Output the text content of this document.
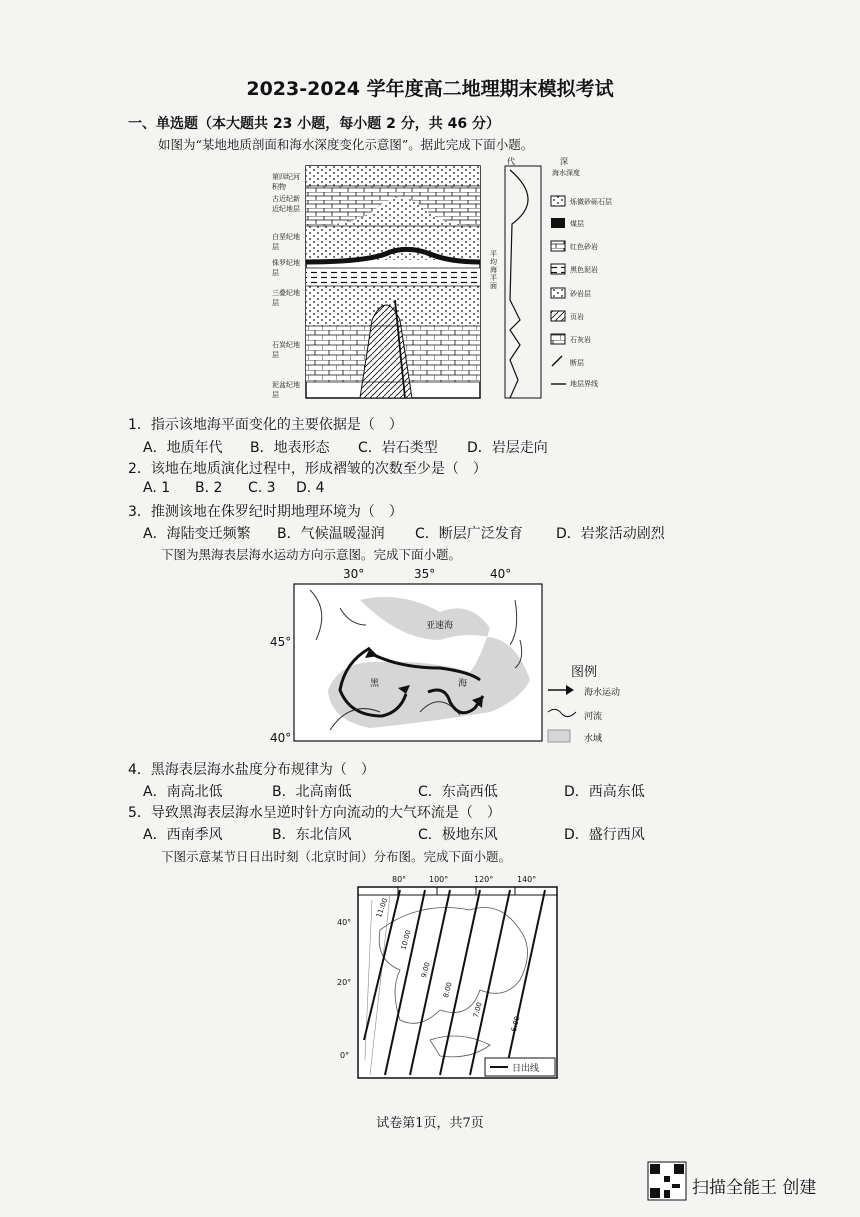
2023-2024 学年度高二地理期末模拟考试
一、单选题（本大题共 23 小题，每小题 2 分，共 46 分）
如图为“某地地质剖面和海水深度变化示意图”。据此完成下面小题。
代	深
海水深度
平均海平面
第四纪河积物
古近纪新近纪地层
白垩纪地层
侏罗纪地层
三叠纪地层
石炭纪地层
泥盆纪地层
烁微砂砾石层
煤层
红色砂岩
黑色泥岩
砂岩层
页岩
石灰岩
断层
地层界线
1．指示该地海平面变化的主要依据是（　）
A．地质年代 B．地表形态 C．岩石类型 D．岩层走向
2．该地在地质演化过程中，形成褶皱的次数至少是（　）
A. 1 B. 2 C. 3 D. 4
3．推测该地在侏罗纪时期地理环境为（　）
A．海陆变迁频繁 B．气候温暖湿润 C．断层广泛发育 D．岩浆活动剧烈
下图为黑海表层海水运动方向示意图。完成下面小题。
30°	35°	40°
45°
40°
亚速海
黑	海
图例
海水运动
河流
水域
4．黑海表层海水盐度分布规律为（　）
A．南高北低	B．北高南低	C．东高西低	D．西高东低
5．导致黑海表层海水呈逆时针方向流动的大气环流是（　）
A．西南季风	B．东北信风	C．极地东风	D．盛行西风
下图示意某节日日出时刻（北京时间）分布图。完成下面小题。
80°	100°	120°	140°
40°
20°
0°
11:00
10:00
9:00
8:00
7:00
6:00
日出线
试卷第1页，共7页
扫描全能王 创建
